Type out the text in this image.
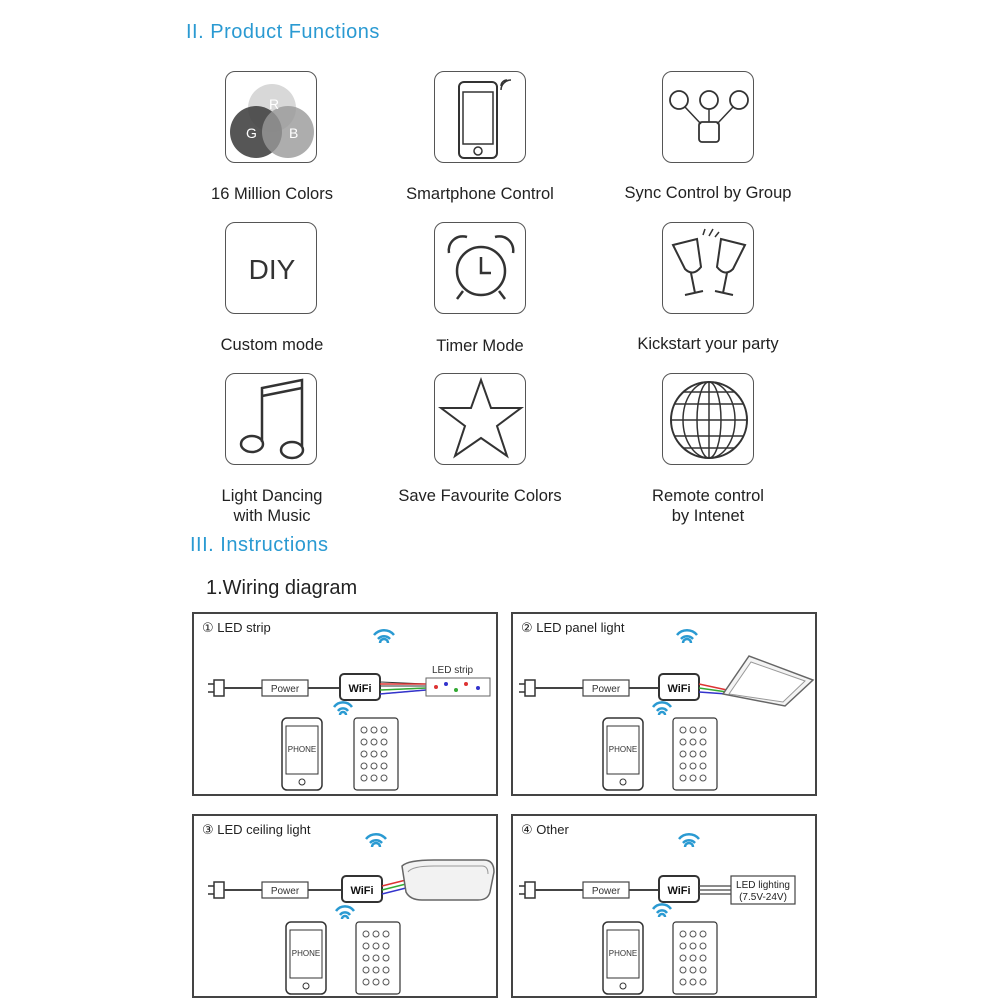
II. Product Functions
R
G B
16 Million Colors	Smartphone Control	Sync Control by Group
DIY
Custom mode	Timer Mode	Kickstart your party
Light Dancing
with Music
Save Favourite Colors	Remote control
by Intenet
III. Instructions
1.Wiring diagram
① LED strip
Power	WiFi
LED strip
PHONE
② LED panel light
Power	WiFi
PHONE
③ LED ceiling light
Power	WiFi
PHONE
④ Other
Power	WiFi	LED lighting
(7.5V-24V)
PHONE
